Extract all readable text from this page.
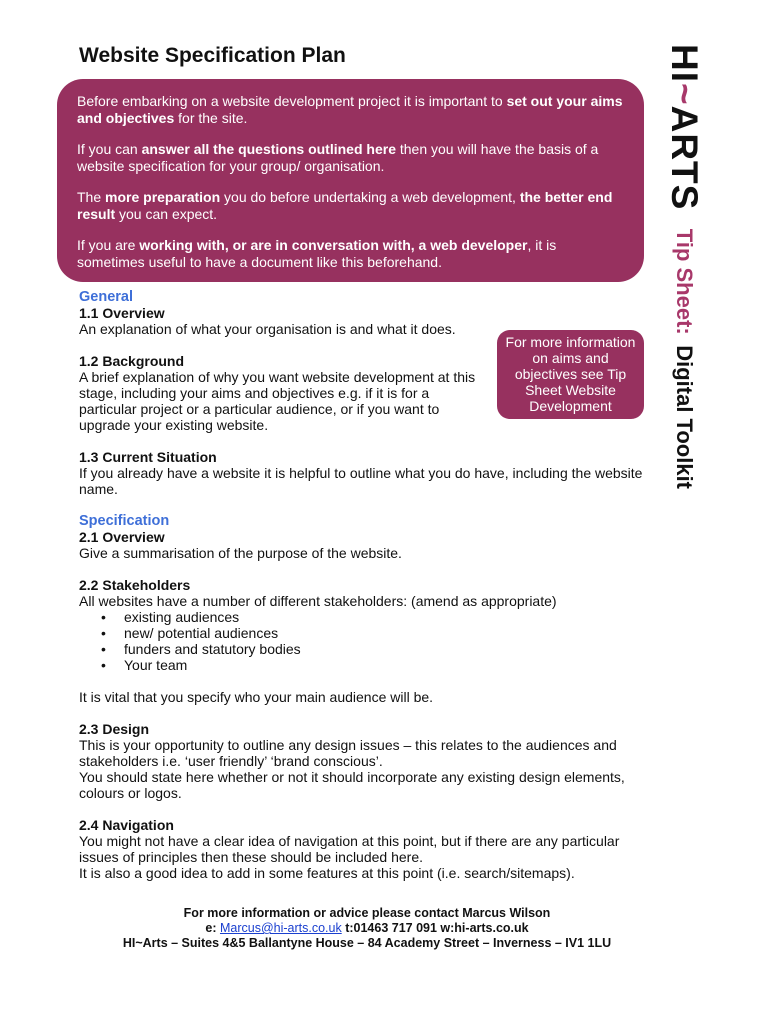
Website Specification Plan

Before embarking on a website development project it is important to set out your aims and objectives for the site.

If you can answer all the questions outlined here then you will have the basis of a website specification for your group/ organisation.

The more preparation you do before undertaking a web development, the better end result you can expect.

If you are working with, or are in conversation with, a web developer, it is sometimes useful to have a document like this beforehand.

For more information on aims and objectives see Tip Sheet Website Development
General
1.1 Overview
An explanation of what your organisation is and what it does.
1.2 Background
A brief explanation of why you want website development at this stage, including your aims and objectives e.g. if it is for a particular project or a particular audience, or if you want to upgrade your existing website.
1.3 Current Situation
If you already have a website it is helpful to outline what you do have, including the website name.
Specification
2.1 Overview
Give a summarisation of the purpose of the website.
2.2 Stakeholders
All websites have a number of different stakeholders: (amend as appropriate)
• existing audiences
• new/ potential audiences
• funders and statutory bodies
• Your team
It is vital that you specify who your main audience will be.
2.3 Design
This is your opportunity to outline any design issues – this relates to the audiences and stakeholders i.e. ‘user friendly’ ‘brand conscious’.
You should state here whether or not it should incorporate any existing design elements, colours or logos.
2.4 Navigation
You might not have a clear idea of navigation at this point, but if there are any particular issues of principles then these should be included here.
It is also a good idea to add in some features at this point (i.e. search/sitemaps).
For more information or advice please contact Marcus Wilson
e: Marcus@hi-arts.co.uk t:01463 717 091 w:hi-arts.co.uk
HI~Arts – Suites 4&5 Ballantyne House – 84 Academy Street – Inverness – IV1 1LU
HI~ARTS Tip Sheet: Digital Toolkit
